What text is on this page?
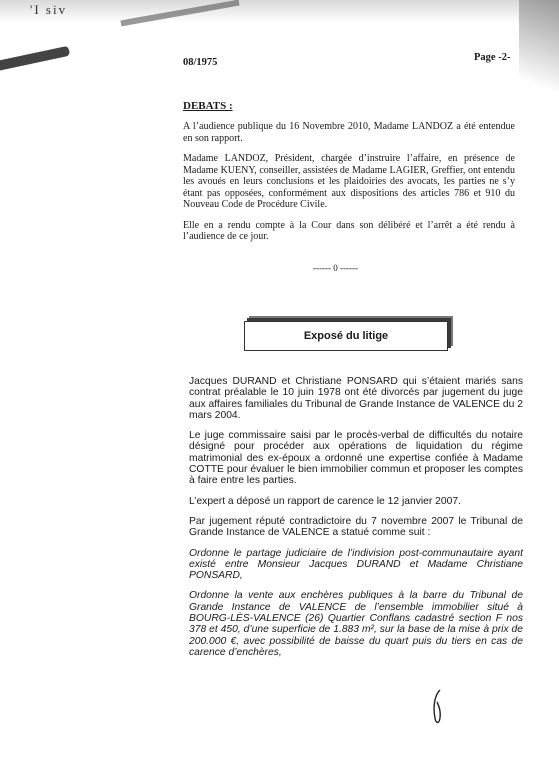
'I siv
08/1975	Page -2-
DEBATS :

A l’audience publique du 16 Novembre 2010, Madame LANDOZ a été entendue en son rapport.

Madame LANDOZ, Président, chargée d’instruire l’affaire, en présence de Madame KUENY, conseiller, assistées de Madame LAGIER, Greffier, ont entendu les avoués en leurs conclusions et les plaidoiries des avocats, les parties ne s’y étant pas opposées, conformément aux dispositions des articles 786 et 910 du Nouveau Code de Procédure Civile.

Elle en a rendu compte à la Cour dans son délibéré et l’arrêt a été rendu à l’audience de ce jour.

------ 0 ------
Exposé du litige

Jacques DURAND et Christiane PONSARD qui s’étaient mariés sans contrat préalable le 10 juin 1978 ont été divorcés par jugement du juge aux affaires familiales du Tribunal de Grande Instance de VALENCE du 2 mars 2004.

Le juge commissaire saisi par le procès-verbal de difficultés du notaire désigné pour procéder aux opérations de liquidation du régime matrimonial des ex-époux a ordonné une expertise confiée à Madame COTTE pour évaluer le bien immobilier commun et proposer les comptes à faire entre les parties.

L’expert a déposé un rapport de carence le 12 janvier 2007.

Par jugement réputé contradictoire du 7 novembre 2007 le Tribunal de Grande Instance de VALENCE a statué comme suit :

Ordonne le partage judiciaire de l’indivision post-communautaire ayant existé entre Monsieur Jacques DURAND et Madame Christiane PONSARD,

Ordonne la vente aux enchères publiques à la barre du Tribunal de Grande Instance de VALENCE de l’ensemble immobilier situé à BOURG-LÈS-VALENCE (26) Quartier Conflans cadastré section F nos 378 et 450, d’une superficie de 1.883 m², sur la base de la mise à prix de 200.000 €, avec possibilité de baisse du quart puis du tiers en cas de carence d’enchères,
